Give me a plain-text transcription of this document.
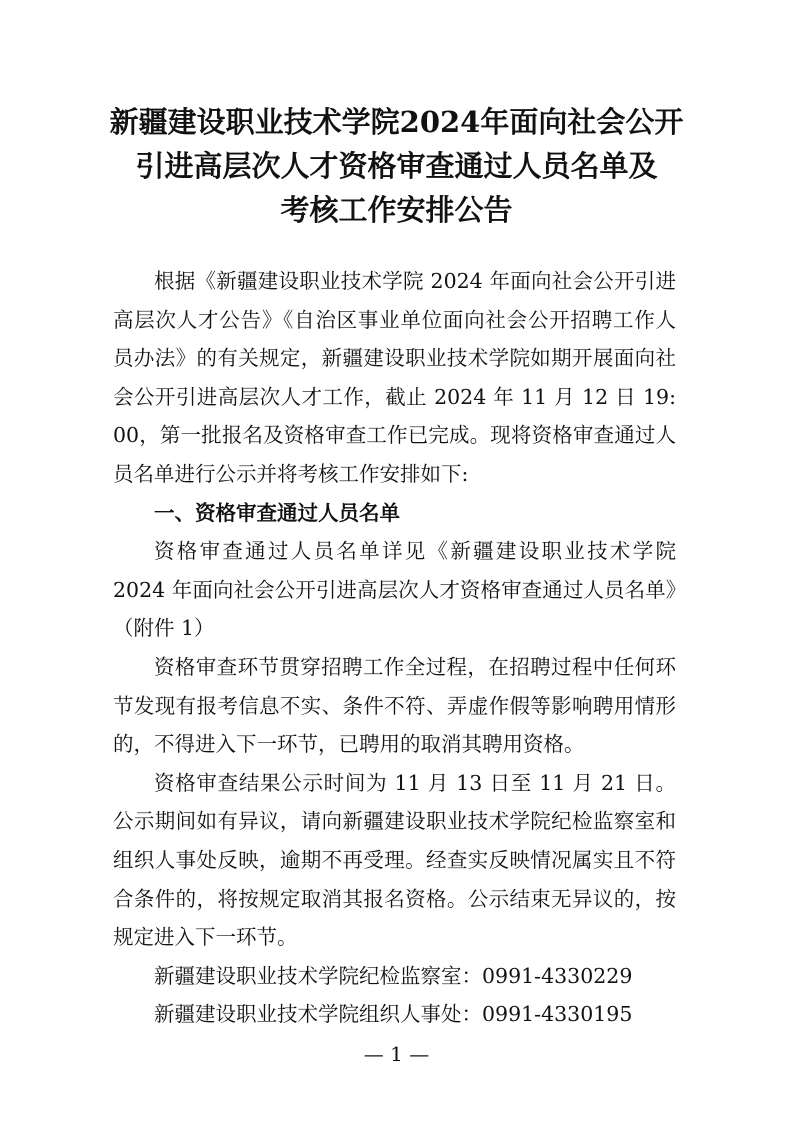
新疆建设职业技术学院2024年面向社会公开
引进高层次人才资格审查通过人员名单及
考核工作安排公告

根据《新疆建设职业技术学院 2024 年面向社会公开引进高层次人才公告》《自治区事业单位面向社会公开招聘工作人员办法》的有关规定，新疆建设职业技术学院如期开展面向社会公开引进高层次人才工作，截止 2024 年 11 月 12 日 19: 00，第一批报名及资格审查工作已完成。现将资格审查通过人员名单进行公示并将考核工作安排如下:

一、资格审查通过人员名单

资格审查通过人员名单详见《新疆建设职业技术学院 2024 年面向社会公开引进高层次人才资格审查通过人员名单》（附件 1）

资格审查环节贯穿招聘工作全过程，在招聘过程中任何环节发现有报考信息不实、条件不符、弄虚作假等影响聘用情形的，不得进入下一环节，已聘用的取消其聘用资格。

资格审查结果公示时间为 11 月 13 日至 11 月 21 日。公示期间如有异议，请向新疆建设职业技术学院纪检监察室和组织人事处反映，逾期不再受理。经查实反映情况属实且不符合条件的，将按规定取消其报名资格。公示结束无异议的，按规定进入下一环节。

新疆建设职业技术学院纪检监察室：0991-4330229

新疆建设职业技术学院组织人事处：0991-4330195

— 1 —
